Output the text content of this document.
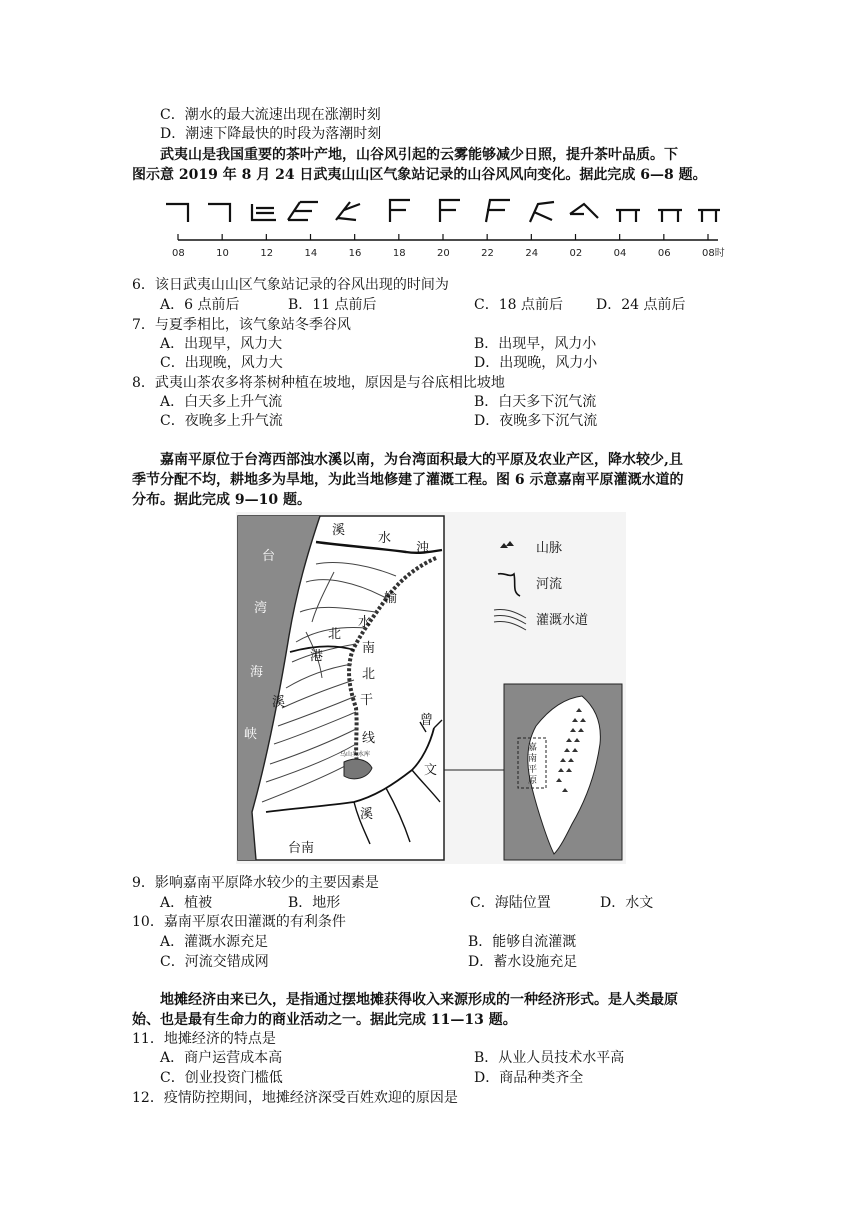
C．潮水的最大流速出现在涨潮时刻
D．潮速下降最快的时段为落潮时刻
武夷山是我国重要的茶叶产地，山谷风引起的云雾能够减少日照，提升茶叶品质。下
图示意 2019 年 8 月 24 日武夷山山区气象站记录的山谷风风向变化。据此完成 6—8 题。
08	10	12	14	16	18	20	22	24	02	04	06	08时
6．该日武夷山山区气象站记录的谷风出现的时间为
A．6 点前后	B．11 点前后	C．18 点前后 D．24 点前后
7．与夏季相比，该气象站冬季谷风
A．出现早，风力大	B．出现早，风力小
C．出现晚，风力大	D．出现晚，风力小
8．武夷山茶农多将茶树种植在坡地，原因是与谷底相比坡地
A．白天多上升气流	B．白天多下沉气流
C．夜晚多上升气流	D．夜晚多下沉气流
嘉南平原位于台湾西部浊水溪以南，为台湾面积最大的平原及农业产区，降水较少,且
季节分配不均，耕地多为旱地，为此当地修建了灌溉工程。图 6 示意嘉南平原灌溉水道的
分布。据此完成 9—10 题。
溪
水
浊
台
湾
海
峡
输
水
南
北
干
线
北
港
溪
曾
文
溪
台南
乌山头水库
山脉
河流
灌溉水道
嘉
南
平
原
9．影响嘉南平原降水较少的主要因素是
A．植被	B．地形	C．海陆位置	D．水文
10．嘉南平原农田灌溉的有利条件
A．灌溉水源充足	B．能够自流灌溉
C．河流交错成网	D．蓄水设施充足
地摊经济由来已久，是指通过摆地摊获得收入来源形成的一种经济形式。是人类最原
始、也是最有生命力的商业活动之一。据此完成 11—13 题。
11．地摊经济的特点是
A．商户运营成本高	B．从业人员技术水平高
C．创业投资门槛低	D．商品种类齐全
12．疫情防控期间，地摊经济深受百姓欢迎的原因是
